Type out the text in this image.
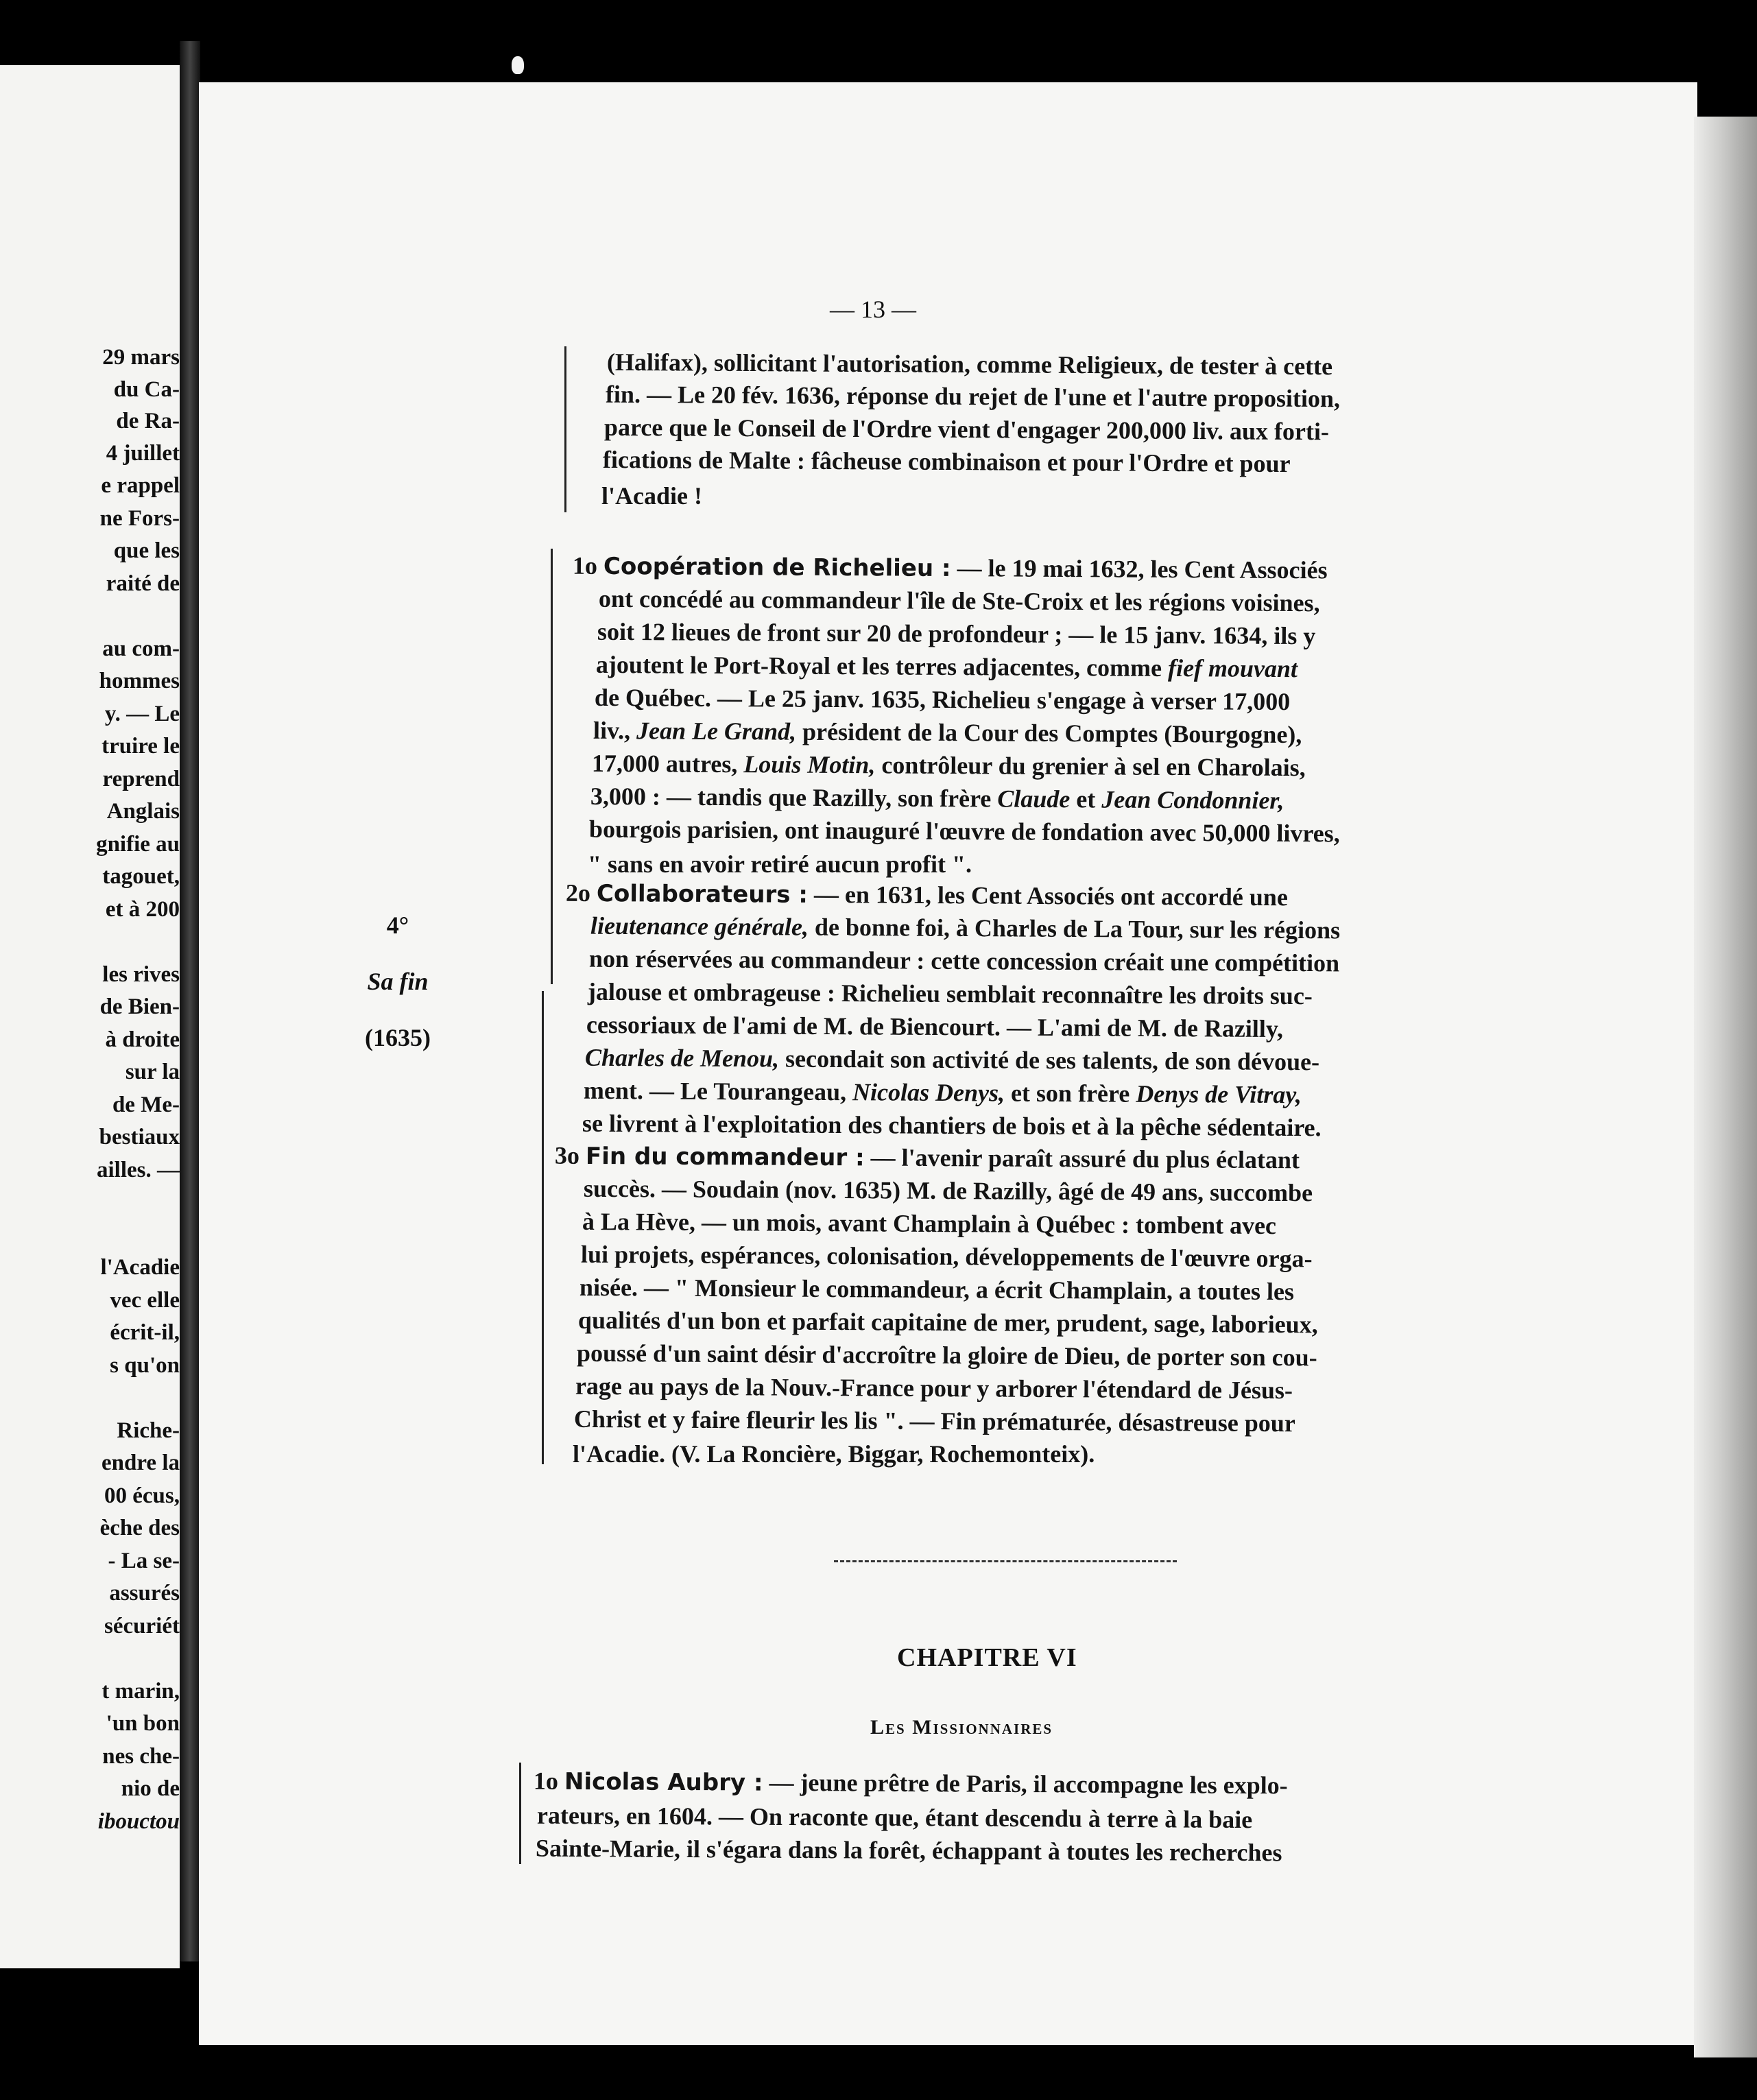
29 mars
du Ca-
de Ra-
4 juillet
e rappel
ne Fors-
que les
raité de
au com-
hommes
y. — Le
truire le
reprend
Anglais
gnifie au
tagouet,
et à 200
les rives
de Bien-
à droite
sur la
de Me-
bestiaux
ailles. —
l'Acadie
vec elle
écrit-il,
s qu'on
Riche-
endre la
00 écus,
èche des
- La se-
assurés
sécuriét
t marin,
'un bon
nes che-
nio de
ibouctou
— 13 —
(Halifax), sollicitant l'autorisation, comme Religieux, de tester à cette
fin. — Le 20 fév. 1636, réponse du rejet de l'une et l'autre proposition,
parce que le Conseil de l'Ordre vient d'engager 200,000 liv. aux forti-
fications de Malte : fâcheuse combinaison et pour l'Ordre et pour
l'Acadie !
4°
Sa fin
(1635)
1o Coopération de Richelieu : — le 19 mai 1632, les Cent Associés
ont concédé au commandeur l'île de Ste-Croix et les régions voisines,
soit 12 lieues de front sur 20 de profondeur ; — le 15 janv. 1634, ils y
ajoutent le Port-Royal et les terres adjacentes, comme fief mouvant
de Québec. — Le 25 janv. 1635, Richelieu s'engage à verser 17,000
liv., Jean Le Grand, président de la Cour des Comptes (Bourgogne),
17,000 autres, Louis Motin, contrôleur du grenier à sel en Charolais,
3,000 : — tandis que Razilly, son frère Claude et Jean Condonnier,
bourgois parisien, ont inauguré l'œuvre de fondation avec 50,000 livres,
" sans en avoir retiré aucun profit ".
2o Collaborateurs : — en 1631, les Cent Associés ont accordé une
lieutenance générale, de bonne foi, à Charles de La Tour, sur les régions
non réservées au commandeur : cette concession créait une compétition
jalouse et ombrageuse : Richelieu semblait reconnaître les droits suc-
cessoriaux de l'ami de M. de Biencourt. — L'ami de M. de Razilly,
Charles de Menou, secondait son activité de ses talents, de son dévoue-
ment. — Le Tourangeau, Nicolas Denys, et son frère Denys de Vitray,
se livrent à l'exploitation des chantiers de bois et à la pêche sédentaire.
3o Fin du commandeur : — l'avenir paraît assuré du plus éclatant
succès. — Soudain (nov. 1635) M. de Razilly, âgé de 49 ans, succombe
à La Hève, — un mois, avant Champlain à Québec : tombent avec
lui projets, espérances, colonisation, développements de l'œuvre orga-
nisée. — " Monsieur le commandeur, a écrit Champlain, a toutes les
qualités d'un bon et parfait capitaine de mer, prudent, sage, laborieux,
poussé d'un saint désir d'accroître la gloire de Dieu, de porter son cou-
rage au pays de la Nouv.-France pour y arborer l'étendard de Jésus-
Christ et y faire fleurir les lis ". — Fin prématurée, désastreuse pour
l'Acadie. (V. La Roncière, Biggar, Rochemonteix).
CHAPITRE VI
Les Missionnaires
1o Nicolas Aubry : — jeune prêtre de Paris, il accompagne les explo-
rateurs, en 1604. — On raconte que, étant descendu à terre à la baie
Sainte-Marie, il s'égara dans la forêt, échappant à toutes les recherches
